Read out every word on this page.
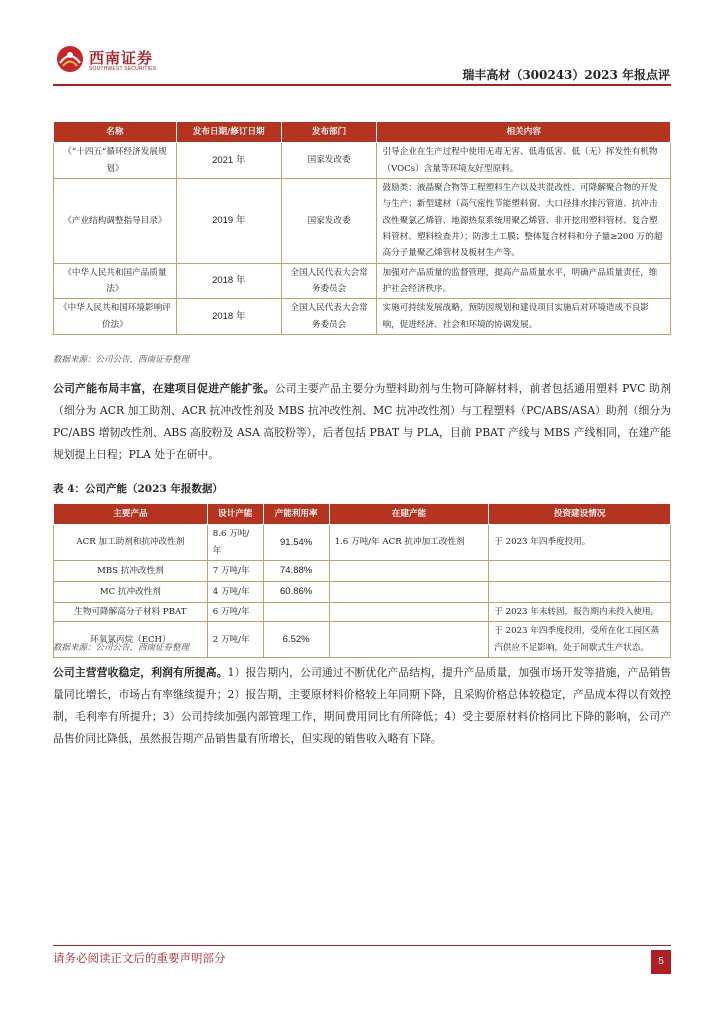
西南证券
SOUTHWEST SECURITIES	瑞丰高材（300243）2023 年报点评
名称	发布日期/修订日期	发布部门	相关内容
《“十四五”循环经济发展规划》	2021 年	国家发改委	引导企业在生产过程中使用无毒无害、低毒低害、低（无）挥发性有机物（VOCs）含量等环境友好型原料。
《产业结构调整指导目录》	2019 年	国家发改委	鼓励类：液晶聚合物等工程塑料生产以及共混改性、可降解聚合物的开发与生产；新型建材（高气密性节能塑料窗、大口径排水排污管道、抗冲击改性聚氯乙烯管、地源热泵系统用聚乙烯管、非开挖用塑料管材、复合塑料管材、塑料检查井）；防渗土工膜；整体复合材料和分子量≥200 万的超高分子量聚乙烯管材及板材生产等。
《中华人民共和国产品质量法》	2018 年	全国人民代表大会常务委员会	加强对产品质量的监督管理，提高产品质量水平，明确产品质量责任，维护社会经济秩序。
《中华人民共和国环境影响评价法》	2018 年	全国人民代表大会常务委员会	实施可持续发展战略，预防因规划和建设项目实施后对环境造成不良影响，促进经济、社会和环境的协调发展。
数据来源：公司公告，西南证券整理
公司产能布局丰富，在建项目促进产能扩张。公司主要产品主要分为塑料助剂与生物可降解材料，前者包括通用塑料 PVC 助剂（细分为 ACR 加工助剂、ACR 抗冲改性剂及 MBS 抗冲改性剂、MC 抗冲改性剂）与工程塑料（PC/ABS/ASA）助剂（细分为 PC/ABS 增韧改性剂、ABS 高胶粉及 ASA 高胶粉等），后者包括 PBAT 与 PLA，目前 PBAT 产线与 MBS 产线相同，在建产能规划提上日程；PLA 处于在研中。
表 4：公司产能（2023 年报数据）
主要产品	设计产能	产能利用率	在建产能	投资建设情况
ACR 加工助剂和抗冲改性剂	8.6 万吨/年	91.54%	1.6 万吨/年 ACR 抗冲加工改性剂	于 2023 年四季度投用。
MBS 抗冲改性剂	7 万吨/年	74.88%		
MC 抗冲改性剂	4 万吨/年	60.86%		
生物可降解高分子材料 PBAT	6 万吨/年			于 2023 年末转固，报告期内未投入使用。
环氧氯丙烷（ECH）	2 万吨/年	6.52%		于 2023 年四季度投用，受所在化工园区蒸汽供应不足影响，处于间歇式生产状态。
数据来源：公司公告，西南证券整理
公司主营营收稳定，利润有所提高。1）报告期内，公司通过不断优化产品结构，提升产品质量，加强市场开发等措施，产品销售量同比增长，市场占有率继续提升；2）报告期，主要原材料价格较上年同期下降，且采购价格总体较稳定，产品成本得以有效控制，毛利率有所提升；3）公司持续加强内部管理工作，期间费用同比有所降低；4）受主要原材料价格同比下降的影响，公司产品售价同比降低，虽然报告期产品销售量有所增长，但实现的销售收入略有下降。
请务必阅读正文后的重要声明部分	5
